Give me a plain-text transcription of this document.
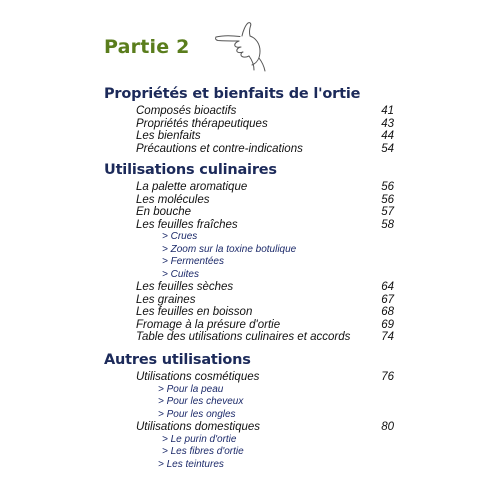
Partie 2
Propriétés et bienfaits de l'ortie
Composés bioactifs	41
Propriétés thérapeutiques	43
Les bienfaits	44
Précautions et contre-indications	54
Utilisations culinaires
La palette aromatique	56
Les molécules	56
En bouche	57
Les feuilles fraîches	58
> Crues
> Zoom sur la toxine botulique
> Fermentées
> Cuites
Les feuilles sèches	64
Les graines	67
Les feuilles en boisson	68
Fromage à la présure d'ortie	69
Table des utilisations culinaires et accords	74
Autres utilisations
Utilisations cosmétiques	76
> Pour la peau
> Pour les cheveux
> Pour les ongles
Utilisations domestiques	80
> Le purin d'ortie
> Les fibres d'ortie
> Les teintures
